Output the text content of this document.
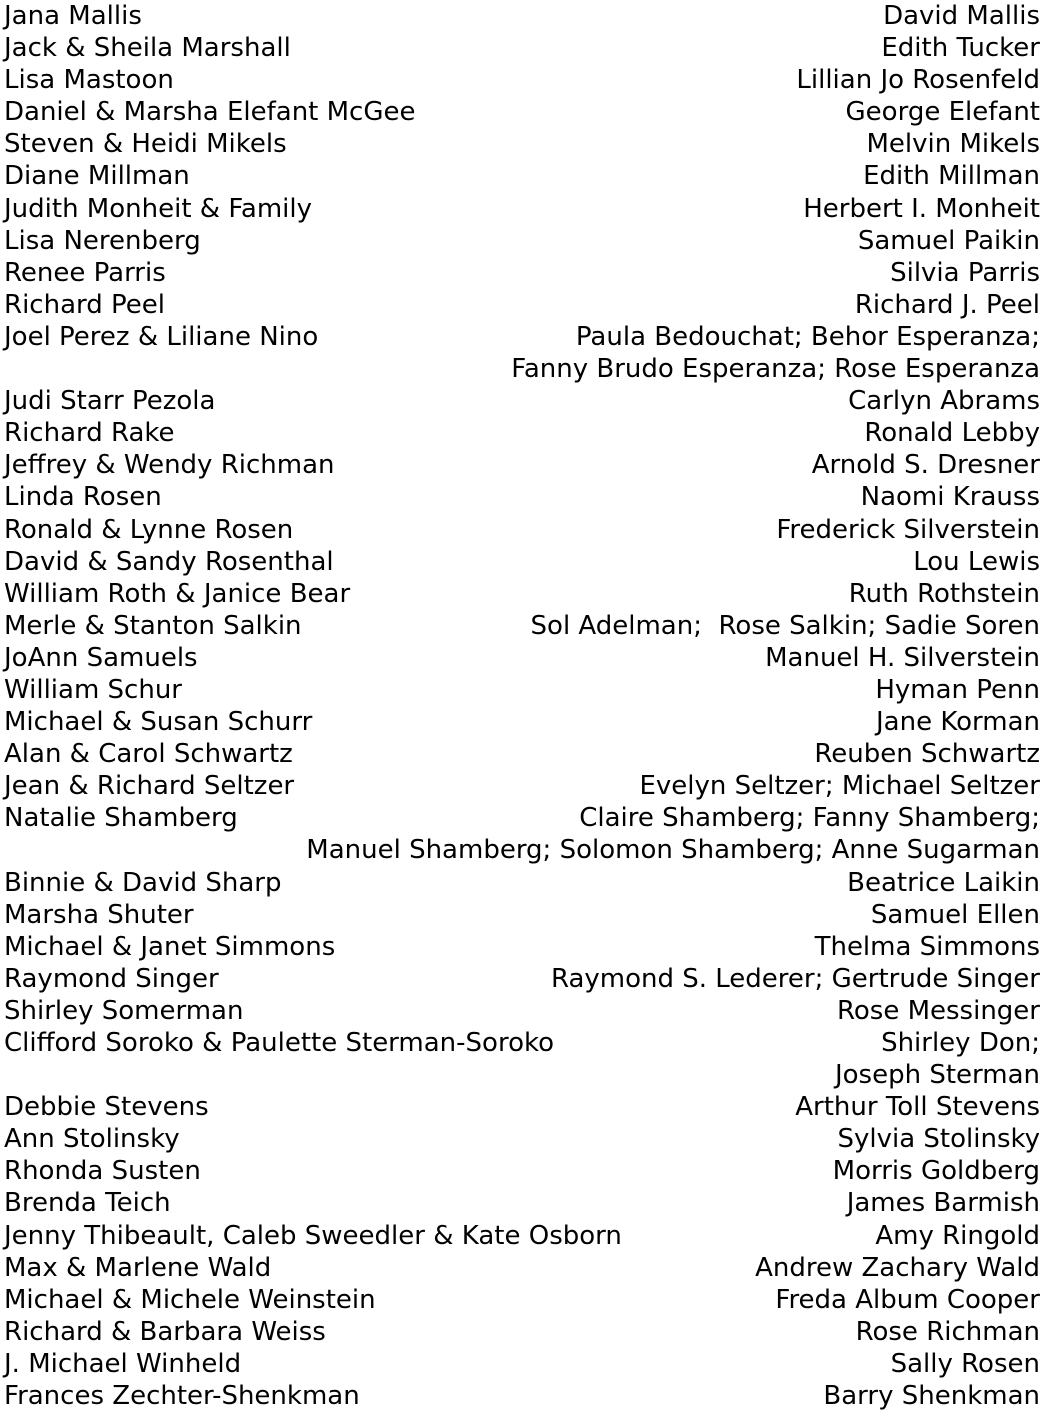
Jana Mallis	David Mallis
Jack & Sheila Marshall	Edith Tucker
Lisa Mastoon	Lillian Jo Rosenfeld
Daniel & Marsha Elefant McGee	George Elefant
Steven & Heidi Mikels	Melvin Mikels
Diane Millman	Edith Millman
Judith Monheit & Family	Herbert I. Monheit
Lisa Nerenberg	Samuel Paikin
Renee Parris	Silvia Parris
Richard Peel	Richard J. Peel
Joel Perez & Liliane Nino	Paula Bedouchat; Behor Esperanza;
Fanny Brudo Esperanza; Rose Esperanza
Judi Starr Pezola	Carlyn Abrams
Richard Rake	Ronald Lebby
Jeffrey & Wendy Richman	Arnold S. Dresner
Linda Rosen	Naomi Krauss
Ronald & Lynne Rosen	Frederick Silverstein
David & Sandy Rosenthal	Lou Lewis
William Roth & Janice Bear	Ruth Rothstein
Merle & Stanton Salkin	Sol Adelman;  Rose Salkin; Sadie Soren
JoAnn Samuels	Manuel H. Silverstein
William Schur	Hyman Penn
Michael & Susan Schurr	Jane Korman
Alan & Carol Schwartz	Reuben Schwartz
Jean & Richard Seltzer	Evelyn Seltzer; Michael Seltzer
Natalie Shamberg	Claire Shamberg; Fanny Shamberg;
Manuel Shamberg; Solomon Shamberg; Anne Sugarman
Binnie & David Sharp	Beatrice Laikin
Marsha Shuter	Samuel Ellen
Michael & Janet Simmons	Thelma Simmons
Raymond Singer	Raymond S. Lederer; Gertrude Singer
Shirley Somerman	Rose Messinger
Clifford Soroko & Paulette Sterman-Soroko	Shirley Don;
Joseph Sterman
Debbie Stevens	Arthur Toll Stevens
Ann Stolinsky	Sylvia Stolinsky
Rhonda Susten	Morris Goldberg
Brenda Teich	James Barmish
Jenny Thibeault, Caleb Sweedler & Kate Osborn	Amy Ringold
Max & Marlene Wald	Andrew Zachary Wald
Michael & Michele Weinstein	Freda Album Cooper
Richard & Barbara Weiss	Rose Richman
J. Michael Winheld	Sally Rosen
Frances Zechter-Shenkman	Barry Shenkman
